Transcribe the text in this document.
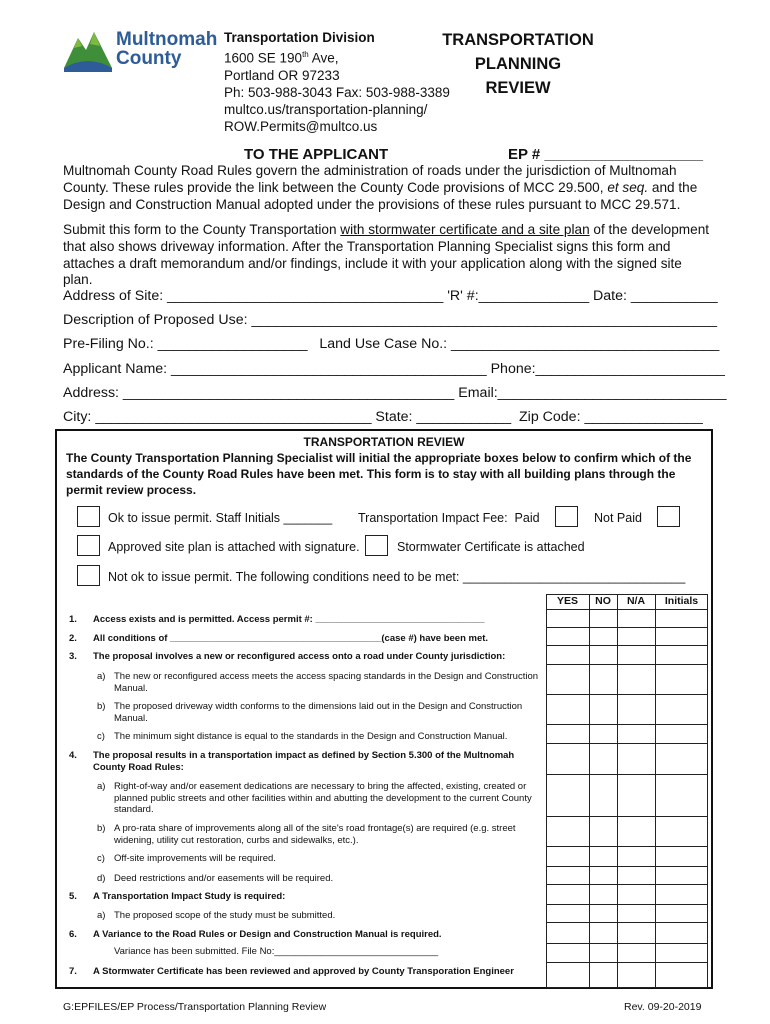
Multnomah
County
Transportation Division
1600 SE 190th Ave,
Portland OR 97233
Ph: 503-988-3043 Fax: 503-988-3389
multco.us/transportation-planning/
ROW.Permits@multco.us
TRANSPORTATION
PLANNING
REVIEW
TO THE APPLICANT	EP # ___________________
Multnomah County Road Rules govern the administration of roads under the jurisdiction of Multnomah County. These rules provide the link between the County Code provisions of MCC 29.500, et seq. and the Design and Construction Manual adopted under the provisions of these rules pursuant to MCC 29.571.
Submit this form to the County Transportation with stormwater certificate and a site plan of the development that also shows driveway information. After the Transportation Planning Specialist signs this form and attaches a draft memorandum and/or findings, include it with your application along with the signed site plan.
Address of Site: ___________________________________ 'R' #:______________ Date: ___________
Description of Proposed Use: ___________________________________________________________
Pre-Filing No.: ___________________   Land Use Case No.: __________________________________
Applicant Name: ________________________________________ Phone:________________________
Address: __________________________________________ Email:_____________________________
City: ___________________________________ State: ____________  Zip Code: _______________
TRANSPORTATION REVIEW
The County Transportation Planning Specialist will initial the appropriate boxes below to confirm which of the standards of the County Road Rules have been met. This form is to stay with all building plans through the permit review process.
Ok to issue permit. Staff Initials _______ Transportation Impact Fee:  Paid	Not Paid
Approved site plan is attached with signature.	Stormwater Certificate is attached
Not ok to issue permit. The following conditions need to be met: ________________________________
YES	NO	N/A	Initials
1. Access exists and is permitted. Access permit #: ________________________________
2. All conditions of ________________________________________(case #) have been met.
3. The proposal involves a new or reconfigured access onto a road under County jurisdiction:
a) The new or reconfigured access meets the access spacing standards in the Design and Construction Manual.
b) The proposed driveway width conforms to the dimensions laid out in the Design and Construction Manual.
c) The minimum sight distance is equal to the standards in the Design and Construction Manual.
4. The proposal results in a transportation impact as defined by Section 5.300 of the Multnomah County Road Rules:
a) Right-of-way and/or easement dedications are necessary to bring the affected, existing, created or planned public streets and other facilities within and abutting the development to the current County standard.
b) A pro-rata share of improvements along all of the site's road frontage(s) are required (e.g. street widening, utility cut restoration, curbs and sidewalks, etc.).
c) Off-site improvements will be required.
d) Deed restrictions and/or easements will be required.
5. A Transportation Impact Study is required:
a) The proposed scope of the study must be submitted.
6. A Variance to the Road Rules or Design and Construction Manual is required.
Variance has been submitted. File No:_______________________________
7. A Stormwater Certificate has been reviewed and approved by County Transporation Engineer
G:EPFILES/EP Process/Transportation Planning Review	Rev. 09-20-2019
